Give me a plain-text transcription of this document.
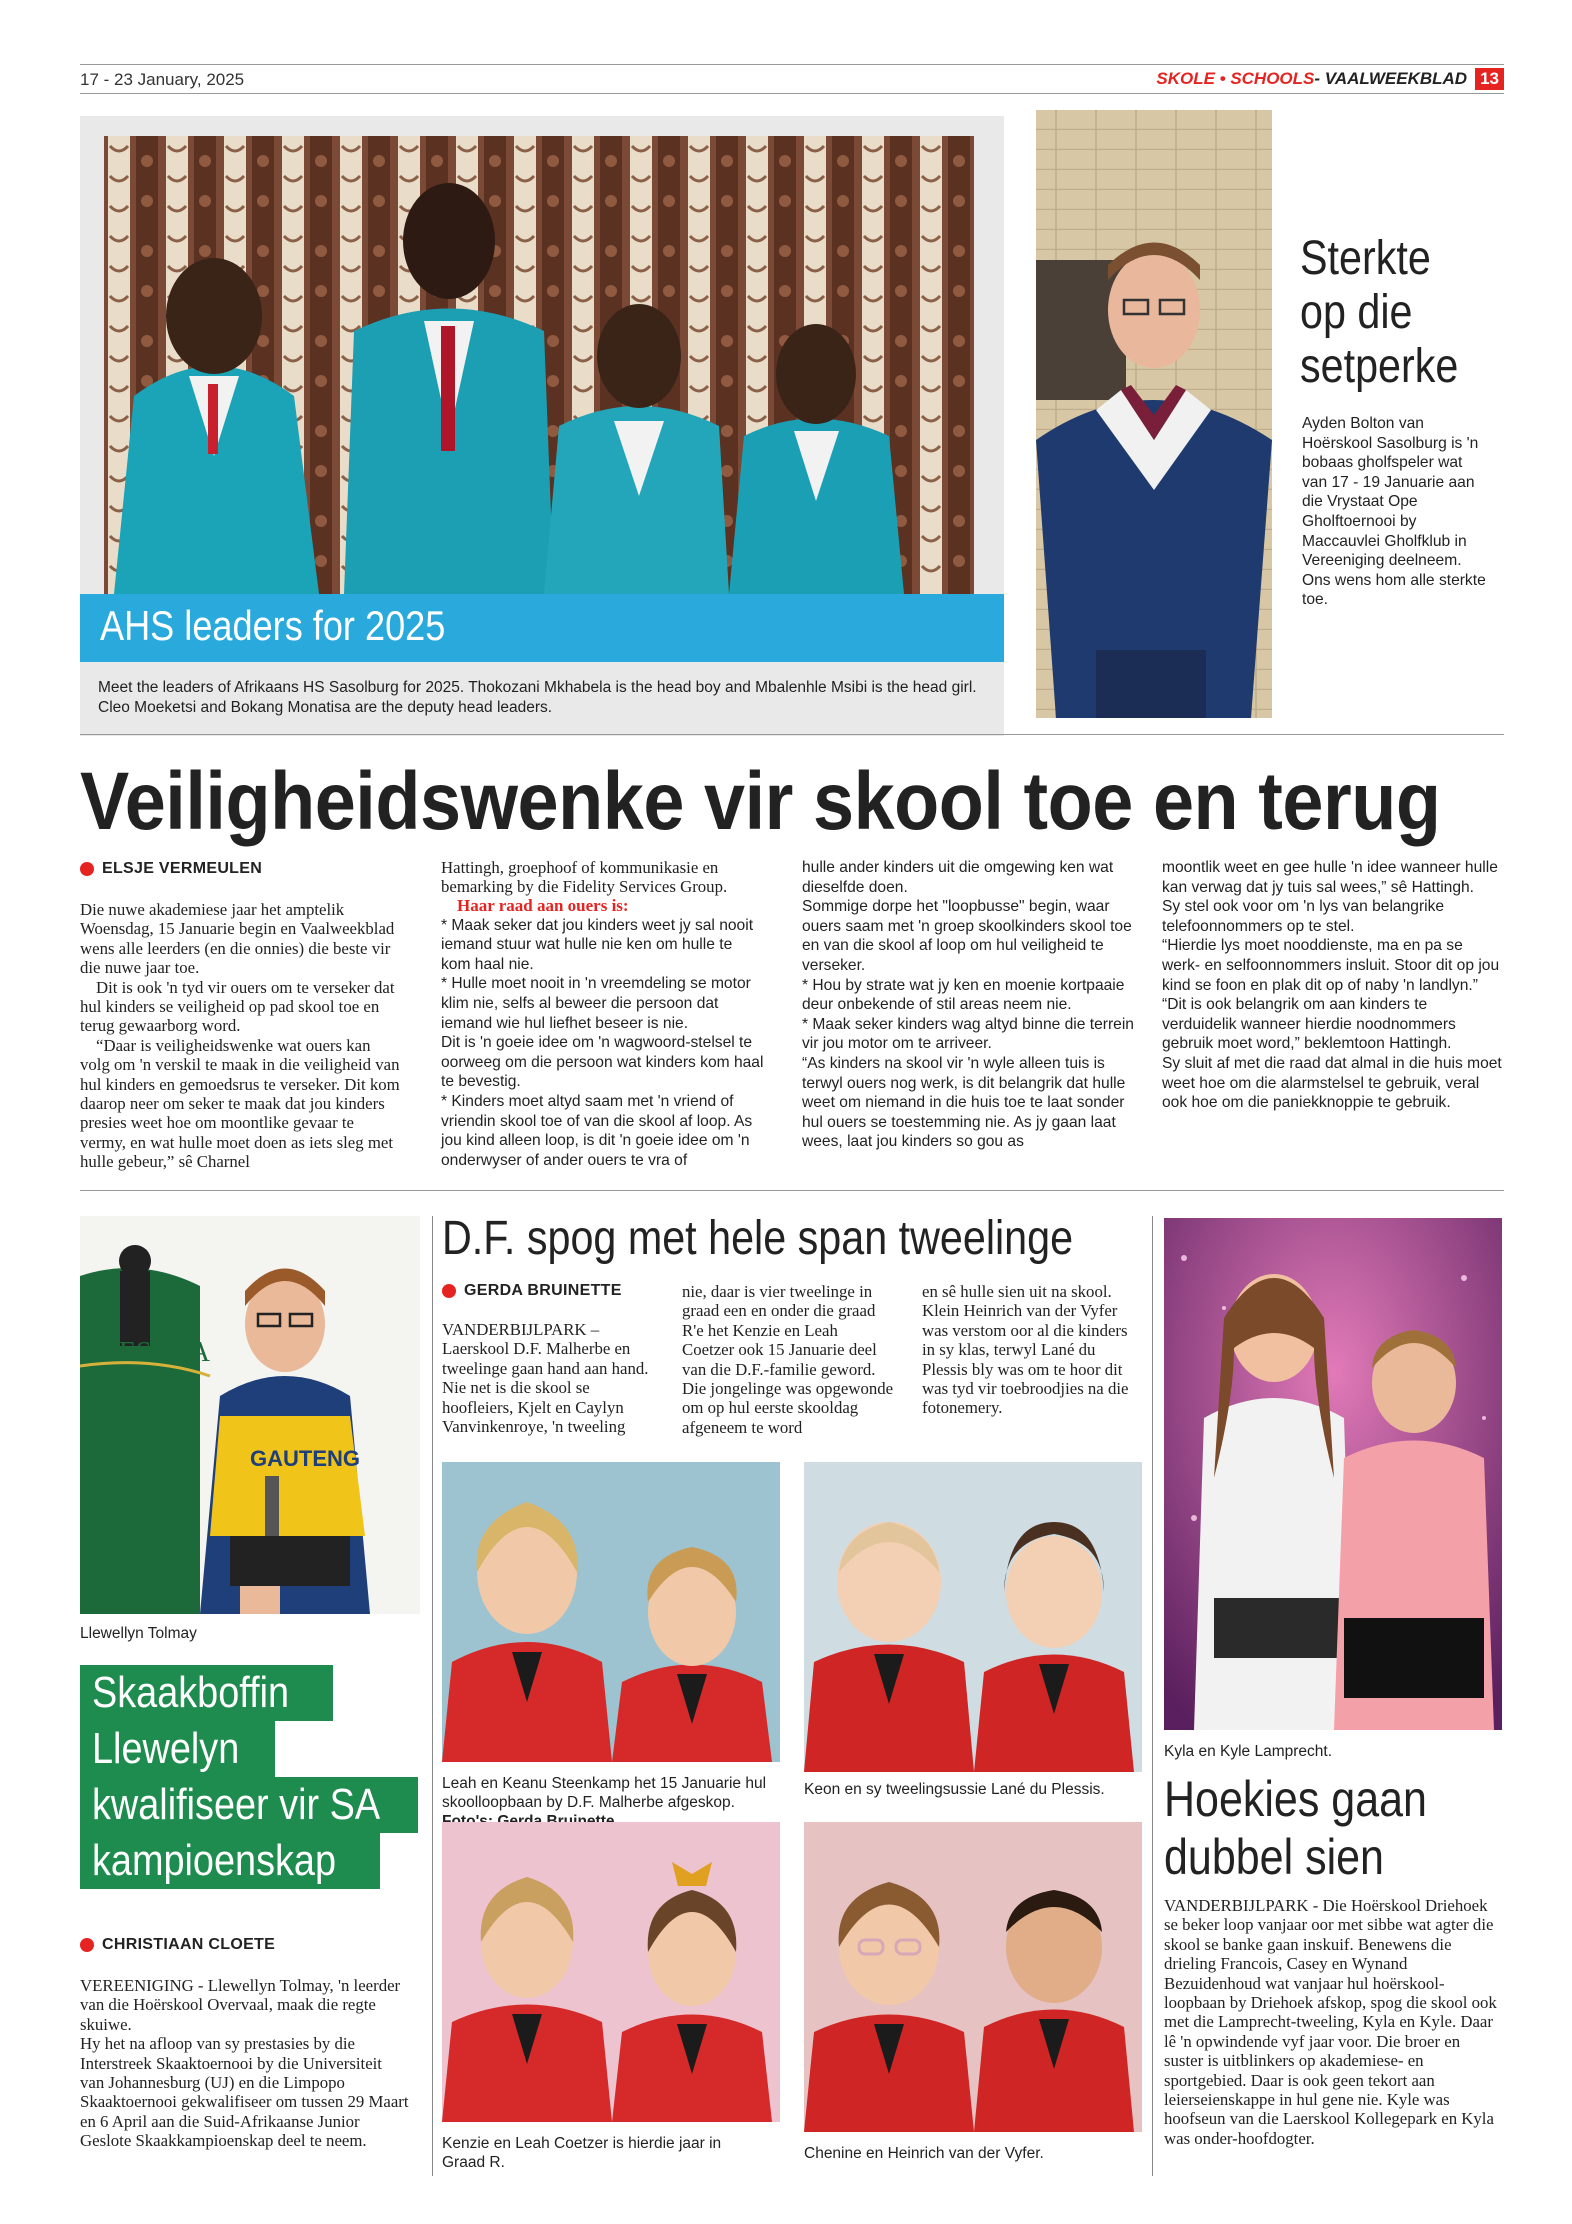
17 - 23 January, 2025	SKOLE • SCHOOLS - VAALWEEKBLAD 13
AHS leaders for 2025

Meet the leaders of Afrikaans HS Sasolburg for 2025. Thokozani Mkhabela is the head boy and Mbalenhle Msibi is the head girl. Cleo Moeketsi and Bokang Monatisa are the deputy head leaders.

Sterkte
op die
setperke

Ayden Bolton van Hoërskool Sasolburg is 'n bobaas gholfspeler wat van 17 - 19 Januarie aan die Vrystaat Ope Gholftoernooi by Maccauvlei Gholfklub in Vereeniging deelneem. Ons wens hom alle sterkte toe.

Veiligheidswenke vir skool toe en terug
ELSJE VERMEULEN

Die nuwe akademiese jaar het amptelik Woensdag, 15 Januarie begin en Vaalweekblad wens alle leerders (en die onnies) die beste vir die nuwe jaar toe.

Dit is ook 'n tyd vir ouers om te verseker dat hul kinders se veiligheid op pad skool toe en terug gewaarborg word.

“Daar is veiligheidswenke wat ouers kan volg om 'n verskil te maak in die veiligheid van hul kinders en gemoedsrus te verseker. Dit kom daarop neer om seker te maak dat jou kinders presies weet hoe om moontlike gevaar te vermy, en wat hulle moet doen as iets sleg met hulle gebeur,” sê Charnel

Hattingh, groephoof of kommunikasie en bemarking by die Fidelity Services Group.

Haar raad aan ouers is:

* Maak seker dat jou kinders weet jy sal nooit iemand stuur wat hulle nie ken om hulle te kom haal nie.

* Hulle moet nooit in 'n vreemdeling se motor klim nie, selfs al beweer die persoon dat iemand wie hul liefhet beseer is nie.

Dit is 'n goeie idee om 'n wagwoord-stelsel te oorweeg om die persoon wat kinders kom haal te bevestig.

* Kinders moet altyd saam met 'n vriend of vriendin skool toe of van die skool af loop. As jou kind alleen loop, is dit 'n goeie idee om 'n onderwyser of ander ouers te vra of

hulle ander kinders uit die omgewing ken wat dieselfde doen.

Sommige dorpe het "loopbusse" begin, waar ouers saam met 'n groep skoolkinders skool toe en van die skool af loop om hul veiligheid te verseker.

* Hou by strate wat jy ken en moenie kortpaaie deur onbekende of stil areas neem nie.

* Maak seker kinders wag altyd binne die terrein vir jou motor om te arriveer.

“As kinders na skool vir 'n wyle alleen tuis is terwyl ouers nog werk, is dit belangrik dat hulle weet om niemand in die huis toe te laat sonder hul ouers se toestemming nie. As jy gaan laat wees, laat jou kinders so gou as

moontlik weet en gee hulle 'n idee wanneer hulle kan verwag dat jy tuis sal wees,” sê Hattingh.

Sy stel ook voor om 'n lys van belangrike telefoonnommers op te stel.

“Hierdie lys moet nooddienste, ma en pa se werk- en selfoonnommers insluit. Stoor dit op jou kind se foon en plak dit op of naby 'n landlyn.”

“Dit is ook belangrik om aan kinders te verduidelik wanneer hierdie noodnommers gebruik moet word,” beklemtoon Hattingh.

Sy sluit af met die raad dat almal in die huis moet weet hoe om die alarmstelsel te gebruik, veral ook hoe om die paniekknoppie te gebruik.

CHESS SA
GAUTENG

Llewellyn Tolmay

Skaakboffin
Llewelyn
kwalifiseer vir SA
kampioenskap
CHRISTIAAN CLOETE

VEREENIGING - Llewellyn Tolmay, 'n leerder van die Hoërskool Overvaal, maak die regte skuiwe.

Hy het na afloop van sy prestasies by die Interstreek Skaaktoernooi by die Universiteit van Johannesburg (UJ) en die Limpopo Skaaktoernooi gekwalifiseer om tussen 29 Maart en 6 April aan die Suid-Afrikaanse Junior Geslote Skaakkampioenskap deel te neem.

D.F. spog met hele span tweelinge
GERDA BRUINETTE

VANDERBIJLPARK – Laerskool D.F. Malherbe en tweelinge gaan hand aan hand. Nie net is die skool se hoofleiers, Kjelt en Caylyn Vanvinkenroye, 'n tweeling

nie, daar is vier tweelinge in graad een en onder die graad R'e het Kenzie en Leah Coetzer ook 15 Januarie deel van die D.F.-familie geword. Die jongelinge was opgewonde om op hul eerste skooldag afgeneem te word

en sê hulle sien uit na skool. Klein Heinrich van der Vyfer was verstom oor al die kinders in sy klas, terwyl Lané du Plessis bly was om te hoor dit was tyd vir toebroodjies na die fotonemery.

Leah en Keanu Steenkamp het 15 Januarie hul skoolloopbaan by D.F. Malherbe afgeskop.

Keon en sy tweelingsussie Lané du Plessis.

Kenzie en Leah Coetzer is hierdie jaar in Graad R.

Chenine en Heinrich van der Vyfer.

Kyla en Kyle Lamprecht.

Hoekies gaan
dubbel sien

VANDERBIJLPARK - Die Hoërskool Driehoek se beker loop vanjaar oor met sibbe wat agter die skool se banke gaan inskuif. Benewens die drieling Francois, Casey en Wynand Bezuidenhoud wat vanjaar hul hoërskool-loopbaan by Driehoek afskop, spog die skool ook met die Lamprecht-tweeling, Kyla en Kyle. Daar lê 'n opwindende vyf jaar voor. Die broer en suster is uitblinkers op akademiese- en sportgebied. Daar is ook geen tekort aan leierseienskappe in hul gene nie. Kyle was hoofseun van die Laerskool Kollegepark en Kyla was onder-hoofdogter.
